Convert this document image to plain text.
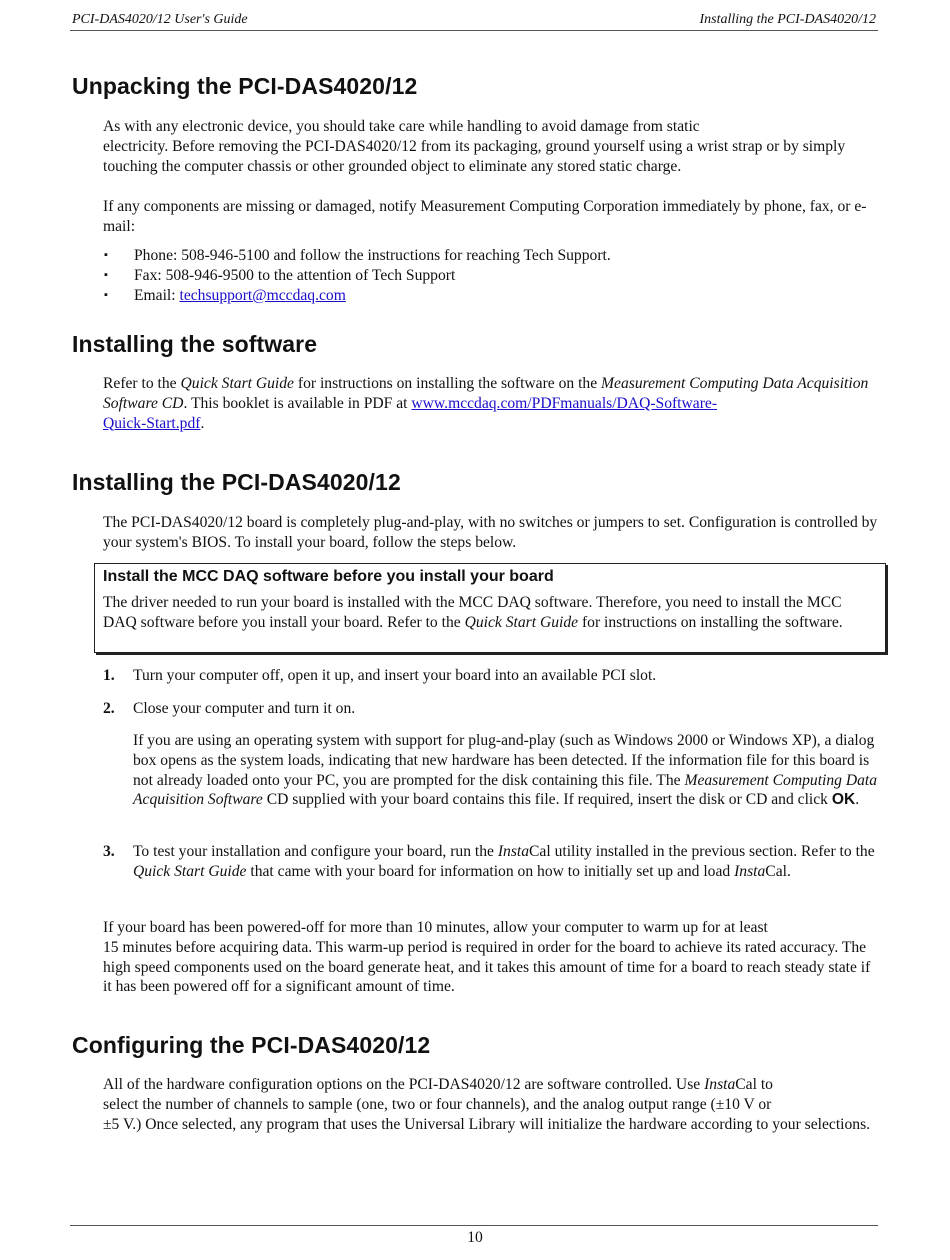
PCI-DAS4020/12 User's Guide	Installing the PCI-DAS4020/12
Unpacking the PCI-DAS4020/12

As with any electronic device, you should take care while handling to avoid damage from static
electricity. Before removing the PCI-DAS4020/12 from its packaging, ground yourself using a wrist strap or by simply touching the computer chassis or other grounded object to eliminate any stored static charge.

If any components are missing or damaged, notify Measurement Computing Corporation immediately by phone, fax, or e-mail:

▪ Phone: 508-946-5100 and follow the instructions for reaching Tech Support.
▪ Fax: 508-946-9500 to the attention of Tech Support
▪ Email: techsupport@mccdaq.com
Installing the software

Refer to the Quick Start Guide for instructions on installing the software on the Measurement Computing Data Acquisition Software CD. This booklet is available in PDF at www.mccdaq.com/PDFmanuals/DAQ-Software-
Quick-Start.pdf.

Installing the PCI-DAS4020/12

The PCI-DAS4020/12 board is completely plug-and-play, with no switches or jumpers to set. Configuration is controlled by your system's BIOS. To install your board, follow the steps below.

Install the MCC DAQ software before you install your board
The driver needed to run your board is installed with the MCC DAQ software. Therefore, you need to install the MCC DAQ software before you install your board. Refer to the Quick Start Guide for instructions on installing the software.
1. Turn your computer off, open it up, and insert your board into an available PCI slot.
2. Close your computer and turn it on.

If you are using an operating system with support for plug-and-play (such as Windows 2000 or Windows XP), a dialog box opens as the system loads, indicating that new hardware has been detected. If the information file for this board is not already loaded onto your PC, you are prompted for the disk containing this file. The Measurement Computing Data Acquisition Software CD supplied with your board contains this file. If required, insert the disk or CD and click OK.

3. To test your installation and configure your board, run the InstaCal utility installed in the previous section. Refer to the Quick Start Guide that came with your board for information on how to initially set up and load InstaCal.

If your board has been powered-off for more than 10 minutes, allow your computer to warm up for at least
15 minutes before acquiring data. This warm-up period is required in order for the board to achieve its rated accuracy. The high speed components used on the board generate heat, and it takes this amount of time for a board to reach steady state if it has been powered off for a significant amount of time.

Configuring the PCI-DAS4020/12

All of the hardware configuration options on the PCI-DAS4020/12 are software controlled. Use InstaCal to
select the number of channels to sample (one, two or four channels), and the analog output range (±10 V or
±5 V.) Once selected, any program that uses the Universal Library will initialize the hardware according to your selections.

10
